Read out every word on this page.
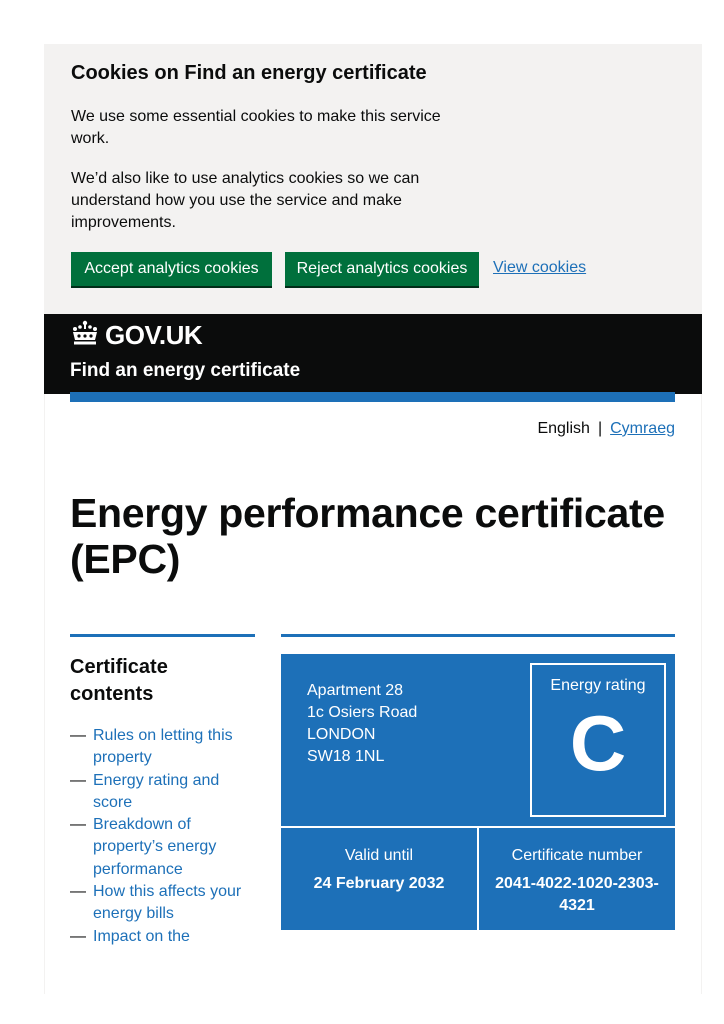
Cookies on Find an energy certificate

We use some essential cookies to make this service work.

We’d also like to use analytics cookies so we can understand how you use the service and make improvements.

Accept analytics cookies	Reject analytics cookies	View cookies
GOV.UK
Find an energy certificate
English | Cymraeg
Energy performance certificate (EPC)
Certificate contents
— Rules on letting this property
— Energy rating and score
— Breakdown of property’s energy performance
— How this affects your energy bills
— Impact on the
Apartment 28
1c Osiers Road
LONDON
SW18 1NL
Energy rating
C
Valid until
24 February 2032
Certificate number
2041-4022-1020-2303-4321
